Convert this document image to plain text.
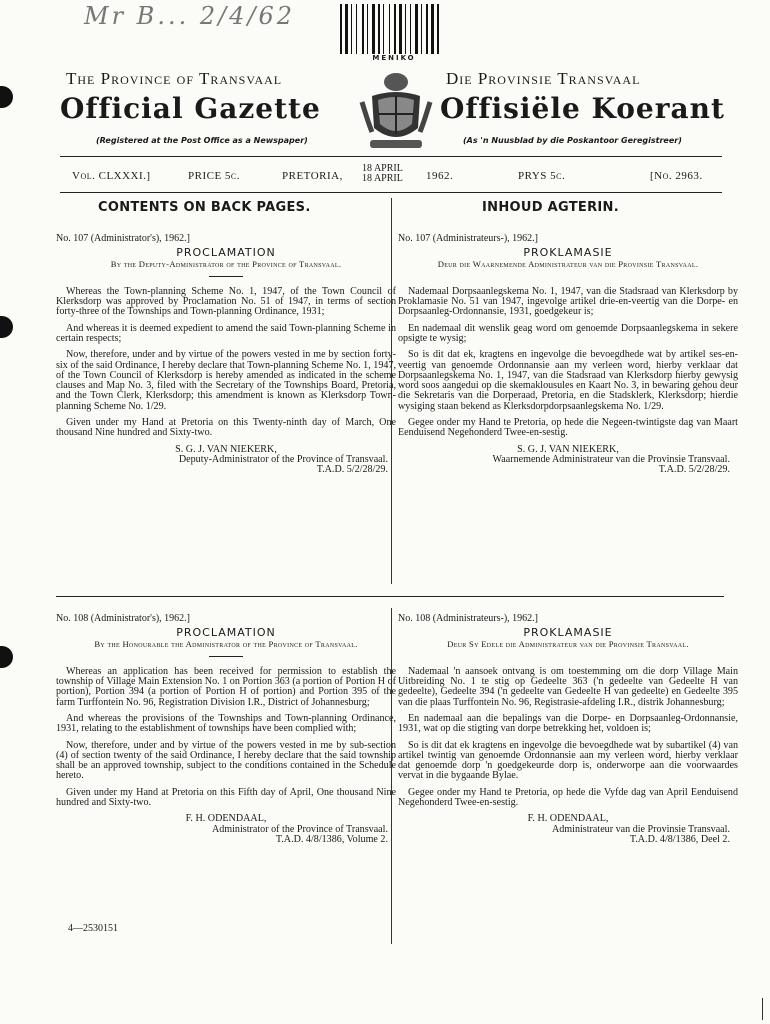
Mr B... 2/4/62
MENIKO
The Province of Transvaal	Die Provinsie Transvaal
Official Gazette	Offisiële Koerant
(Registered at the Post Office as a Newspaper)	(As 'n Nuusblad by die Poskantoor Geregistreer)
Vol. CLXXXI.]	PRICE 5c.	PRETORIA,
18 APRIL
18 APRIL 1962.	PRYS 5c.	[No. 2963.
CONTENTS ON BACK PAGES.	INHOUD AGTERIN.
No. 107 (Administrator's), 1962.]
PROCLAMATION
By the Deputy-Administrator of the Province of Transvaal.

Whereas the Town-planning Scheme No. 1, 1947, of the Town Council of Klerksdorp was approved by Proclamation No. 51 of 1947, in terms of section forty-three of the Townships and Town-planning Ordinance, 1931;

And whereas it is deemed expedient to amend the said Town-planning Scheme in certain respects;

Now, therefore, under and by virtue of the powers vested in me by section forty-six of the said Ordinance, I hereby declare that Town-planning Scheme No. 1, 1947, of the Town Council of Klerksdorp is hereby amended as indicated in the scheme clauses and Map No. 3, filed with the Secretary of the Townships Board, Pretoria, and the Town Clerk, Klerksdorp; this amendment is known as Klerksdorp Town-planning Scheme No. 1/29.

Given under my Hand at Pretoria on this Twenty-ninth day of March, One thousand Nine hundred and Sixty-two.

S. G. J. VAN NIEKERK,
Deputy-Administrator of the Province of Transvaal.
T.A.D. 5/2/28/29.
No. 107 (Administrateurs-), 1962.]
PROKLAMASIE
Deur die Waarnemende Administrateur van die Provinsie Transvaal.

Nademaal Dorpsaanlegskema No. 1, 1947, van die Stadsraad van Klerksdorp by Proklamasie No. 51 van 1947, ingevolge artikel drie-en-veertig van die Dorpe- en Dorpsaanleg-Ordonnansie, 1931, goedgekeur is;

En nademaal dit wenslik geag word om genoemde Dorpsaanlegskema in sekere opsigte te wysig;

So is dit dat ek, kragtens en ingevolge die bevoegdhede wat by artikel ses-en-veertig van genoemde Ordonnansie aan my verleen word, hierby verklaar dat Dorpsaanlegskema No. 1, 1947, van die Stadsraad van Klerksdorp hierby gewysig word soos aangedui op die skemaklousules en Kaart No. 3, in bewaring gehou deur die Sekretaris van die Dorperaad, Pretoria, en die Stadsklerk, Klerksdorp; hierdie wysiging staan bekend as Klerksdorpdorpsaanlegskema No. 1/29.

Gegee onder my Hand te Pretoria, op hede die Negeen-twintigste dag van Maart Eenduisend Negehonderd Twee-en-sestig.

S. G. J. VAN NIEKERK,
Waarnemende Administrateur van die Provinsie Transvaal.
T.A.D. 5/2/28/29.
No. 108 (Administrator's), 1962.]
PROCLAMATION
By the Honourable the Administrator of the Province of Transvaal.

Whereas an application has been received for permission to establish the township of Village Main Extension No. 1 on Portion 363 (a portion of Portion H of portion), Portion 394 (a portion of Portion H of portion) and Portion 395 of the farm Turffontein No. 96, Registration Division I.R., District of Johannesburg;

And whereas the provisions of the Townships and Town-planning Ordinance, 1931, relating to the establishment of townships have been complied with;

Now, therefore, under and by virtue of the powers vested in me by sub-section (4) of section twenty of the said Ordinance, I hereby declare that the said township shall be an approved township, subject to the conditions contained in the Schedule hereto.

Given under my Hand at Pretoria on this Fifth day of April, One thousand Nine hundred and Sixty-two.

F. H. ODENDAAL,
Administrator of the Province of Transvaal.
T.A.D. 4/8/1386, Volume 2.
No. 108 (Administrateurs-), 1962.]
PROKLAMASIE
Deur Sy Edele die Administrateur van die Provinsie Transvaal.

Nademaal 'n aansoek ontvang is om toestemming om die dorp Village Main Uitbreiding No. 1 te stig op Gedeelte 363 ('n gedeelte van Gedeelte H van gedeelte), Gedeelte 394 ('n gedeelte van Gedeelte H van gedeelte) en Gedeelte 395 van die plaas Turffontein No. 96, Registrasie-afdeling I.R., distrik Johannesburg;

En nademaal aan die bepalings van die Dorpe- en Dorpsaanleg-Ordonnansie, 1931, wat op die stigting van dorpe betrekking het, voldoen is;

So is dit dat ek kragtens en ingevolge die bevoegdhede wat by subartikel (4) van artikel twintig van genoemde Ordonnansie aan my verleen word, hierby verklaar dat genoemde dorp 'n goedgekeurde dorp is, onderworpe aan die voorwaardes vervat in die bygaande Bylae.

Gegee onder my Hand te Pretoria, op hede die Vyfde dag van April Eenduisend Negehonderd Twee-en-sestig.

F. H. ODENDAAL,
Administrateur van die Provinsie Transvaal.
T.A.D. 4/8/1386, Deel 2.
4—2530151
